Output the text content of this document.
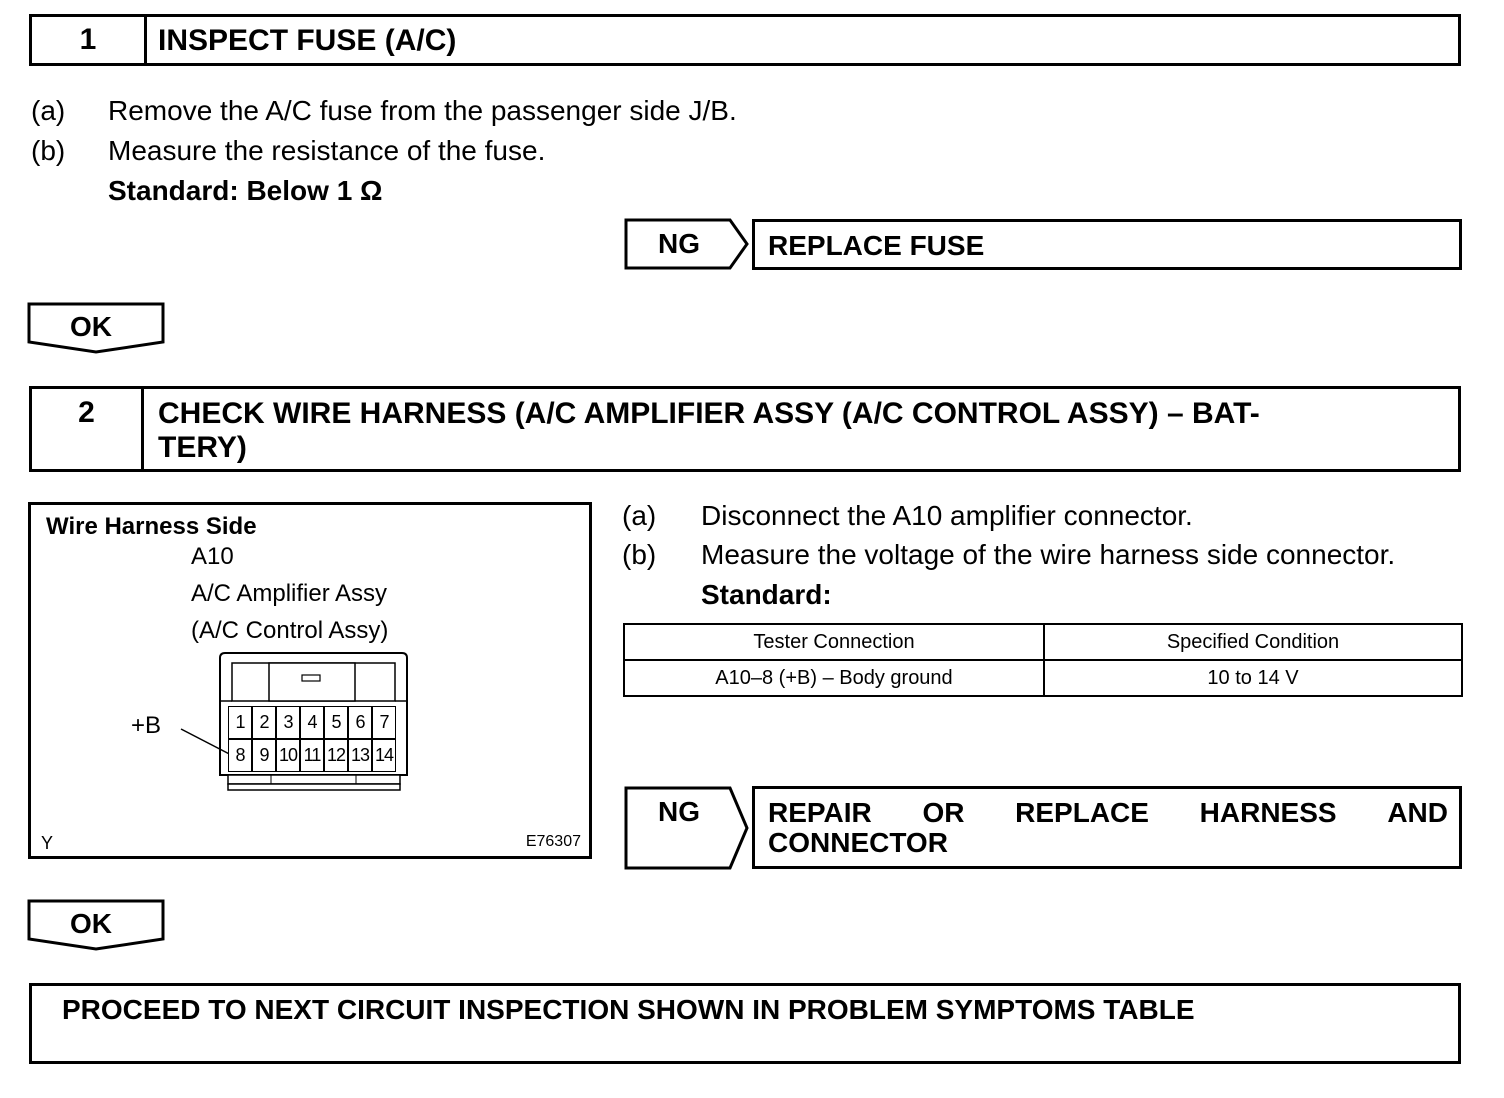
1	INSPECT FUSE (A/C)
(a) Remove the A/C fuse from the passenger side J/B.
(b) Measure the resistance of the fuse.
Standard: Below 1 Ω
NG REPLACE FUSE
OK
2	CHECK WIRE HARNESS (A/C AMPLIFIER ASSY (A/C CONTROL ASSY) – BAT-
TERY)
Wire Harness Side
A10
A/C Amplifier Assy
(A/C Control Assy)
+B	1 2 3 4 5 6 7
8 9 10 11 12 13 14
Y	E76307
(a) Disconnect the A10 amplifier connector.
(b) Measure the voltage of the wire harness side connector.
Standard:
Tester Connection	Specified Condition
A10–8 (+B) – Body ground	10 to 14 V
NG REPAIR OR REPLACE HARNESS AND
CONNECTOR
OK
PROCEED TO NEXT CIRCUIT INSPECTION SHOWN IN PROBLEM SYMPTOMS TABLE
